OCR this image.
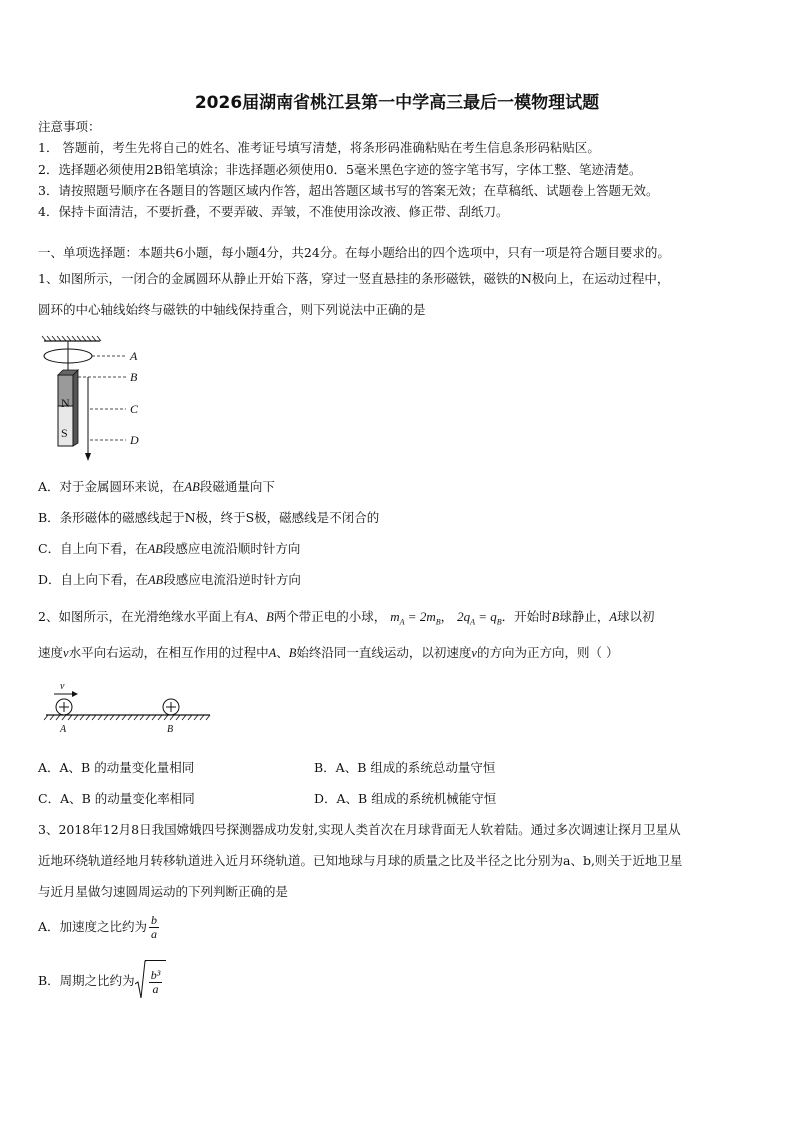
2026届湖南省桃江县第一中学高三最后一模物理试题
注意事项：
1． 答题前，考生先将自己的姓名、准考证号填写清楚，将条形码准确粘贴在考生信息条形码粘贴区。
2．选择题必须使用2B铅笔填涂；非选择题必须使用0．5毫米黑色字迹的签字笔书写，字体工整、笔迹清楚。
3．请按照题号顺序在各题目的答题区域内作答，超出答题区域书写的答案无效；在草稿纸、试题卷上答题无效。
4．保持卡面清洁，不要折叠，不要弄破、弄皱，不准使用涂改液、修正带、刮纸刀。
一、单项选择题：本题共6小题，每小题4分，共24分。在每小题给出的四个选项中，只有一项是符合题目要求的。
1、如图所示，一闭合的金属圆环从静止开始下落，穿过一竖直悬挂的条形磁铁，磁铁的N极向上，在运动过程中，
圆环的中心轴线始终与磁铁的中轴线保持重合，则下列说法中正确的是
N
S
A
B
C
D
A．对于金属圆环来说，在AB段磁通量向下
B．条形磁体的磁感线起于N极，终于S极，磁感线是不闭合的
C．自上向下看，在AB段感应电流沿顺时针方向
D．自上向下看，在AB段感应电流沿逆时针方向
2、如图所示，在光滑绝缘水平面上有A、B两个带正电的小球， $m_A = 2m_B$， $2q_A = q_B$．开始时B球静止，A球以初
速度v水平向右运动，在相互作用的过程中A、B始终沿同一直线运动，以初速度v的方向为正方向，则（ ）
v
A	B
A．A、B 的动量变化量相同	B．A、B 组成的系统总动量守恒
C．A、B 的动量变化率相同	D．A、B 组成的系统机械能守恒
3、2018年12月8日我国嫦娥四号探测器成功发射,实现人类首次在月球背面无人软着陆。通过多次调速让探月卫星从
近地环绕轨道经地月转移轨道进入近月环绕轨道。已知地球与月球的质量之比及半径之比分别为a、b,则关于近地卫星
与近月星做匀速圆周运动的下列判断正确的是
A．加速度之比约为 $\frac{b}{a}$
B．周期之比约为 $\frac{\text{b³}}{a}$
